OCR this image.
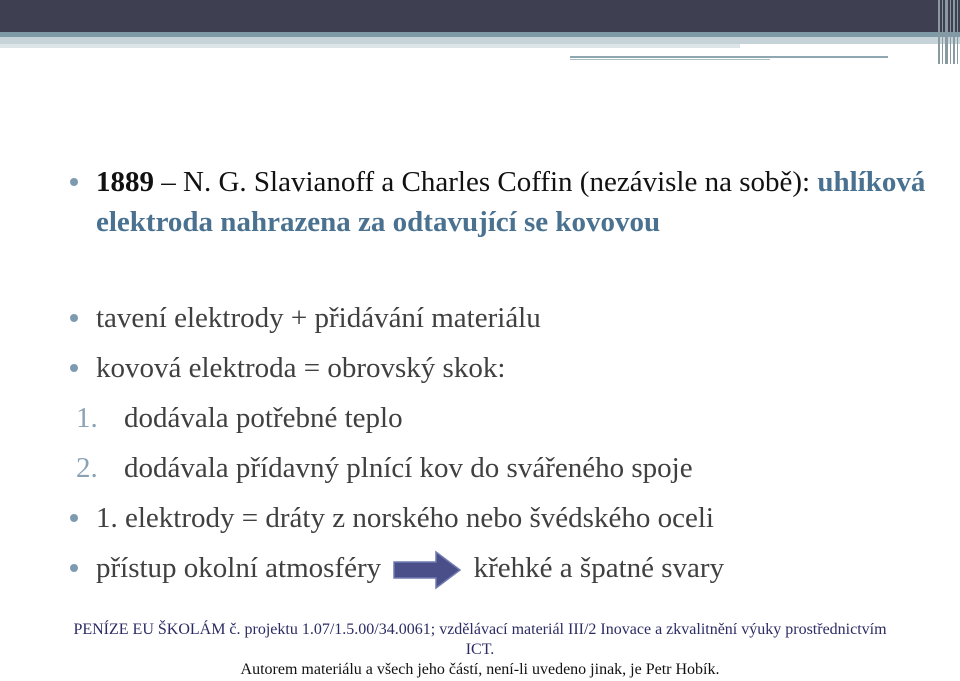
1889 – N. G. Slavianoff a Charles Coffin (nezávisle na sobě): uhlíková elektroda nahrazena za odtavující se kovovou
tavení elektrody + přidávání materiálu
kovová elektroda = obrovský skok:
1. dodávala potřebné teplo
2. dodávala přídavný plnící kov do svářeného spoje
1. elektrody = dráty z norského nebo švédského oceli
přístup okolní atmosféry	křehké a špatné svary
PENÍZE EU ŠKOLÁM č. projektu 1.07/1.5.00/34.0061; vzdělávací materiál III/2 Inovace a zkvalitnění výuky prostřednictvím ICT.
Autorem materiálu a všech jeho částí, není-li uvedeno jinak, je Petr Hobík.
